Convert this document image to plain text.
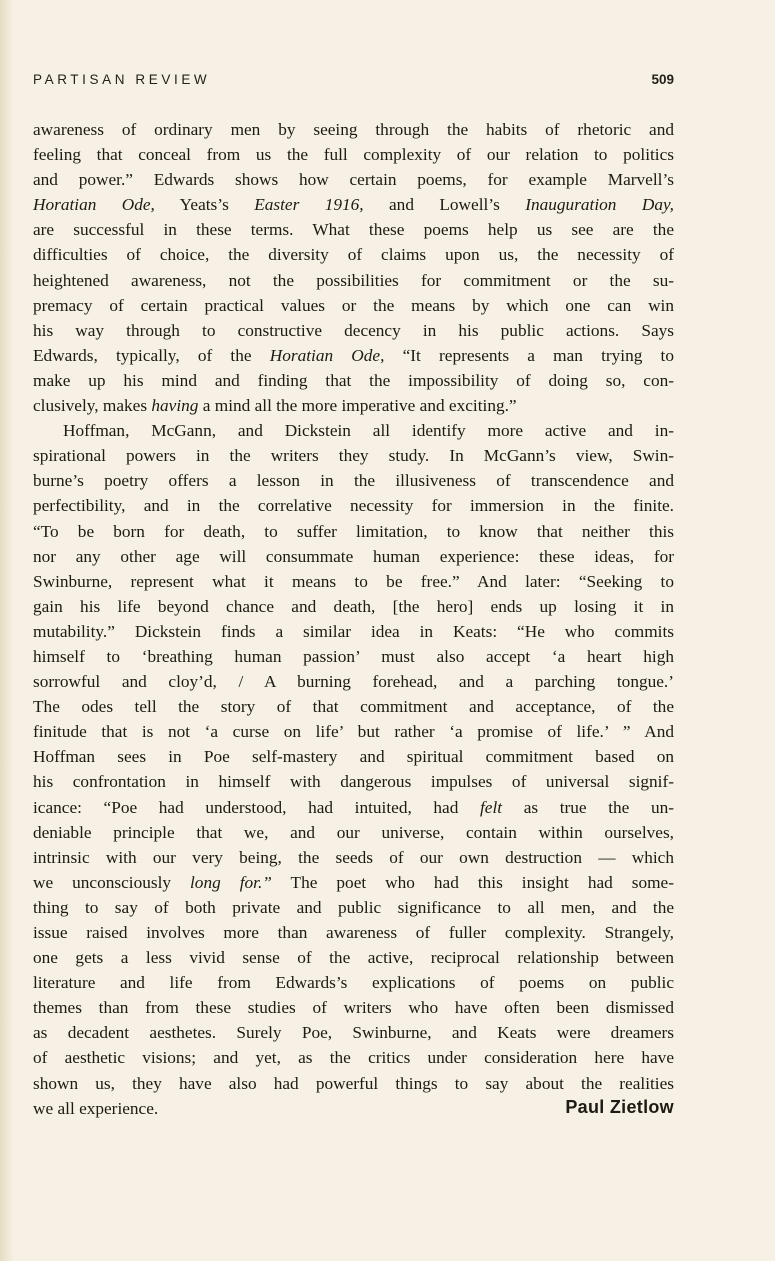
PARTISAN REVIEW	509
awareness of ordinary men by seeing through the habits of rhetoric and
feeling that conceal from us the full complexity of our relation to politics
and power.” Edwards shows how certain poems, for example Marvell’s
Horatian Ode, Yeats’s Easter 1916, and Lowell’s Inauguration Day,
are successful in these terms. What these poems help us see are the
difficulties of choice, the diversity of claims upon us, the necessity of
heightened awareness, not the possibilities for commitment or the su-
premacy of certain practical values or the means by which one can win
his way through to constructive decency in his public actions. Says
Edwards, typically, of the Horatian Ode, “It represents a man trying to
make up his mind and finding that the impossibility of doing so, con-
clusively, makes having a mind all the more imperative and exciting.”
Hoffman, McGann, and Dickstein all identify more active and in-
spirational powers in the writers they study. In McGann’s view, Swin-
burne’s poetry offers a lesson in the illusiveness of transcendence and
perfectibility, and in the correlative necessity for immersion in the finite.
“To be born for death, to suffer limitation, to know that neither this
nor any other age will consummate human experience: these ideas, for
Swinburne, represent what it means to be free.” And later: “Seeking to
gain his life beyond chance and death, [the hero] ends up losing it in
mutability.” Dickstein finds a similar idea in Keats: “He who commits
himself to ‘breathing human passion’ must also accept ‘a heart high
sorrowful and cloy’d, / A burning forehead, and a parching tongue.’
The odes tell the story of that commitment and acceptance, of the
finitude that is not ‘a curse on life’ but rather ‘a promise of life.’ ” And
Hoffman sees in Poe self-mastery and spiritual commitment based on
his confrontation in himself with dangerous impulses of universal signif-
icance: “Poe had understood, had intuited, had felt as true the un-
deniable principle that we, and our universe, contain within ourselves,
intrinsic with our very being, the seeds of our own destruction — which
we unconsciously long for.” The poet who had this insight had some-
thing to say of both private and public significance to all men, and the
issue raised involves more than awareness of fuller complexity. Strangely,
one gets a less vivid sense of the active, reciprocal relationship between
literature and life from Edwards’s explications of poems on public
themes than from these studies of writers who have often been dismissed
as decadent aesthetes. Surely Poe, Swinburne, and Keats were dreamers
of aesthetic visions; and yet, as the critics under consideration here have
shown us, they have also had powerful things to say about the realities
we all experience.	Paul Zietlow
